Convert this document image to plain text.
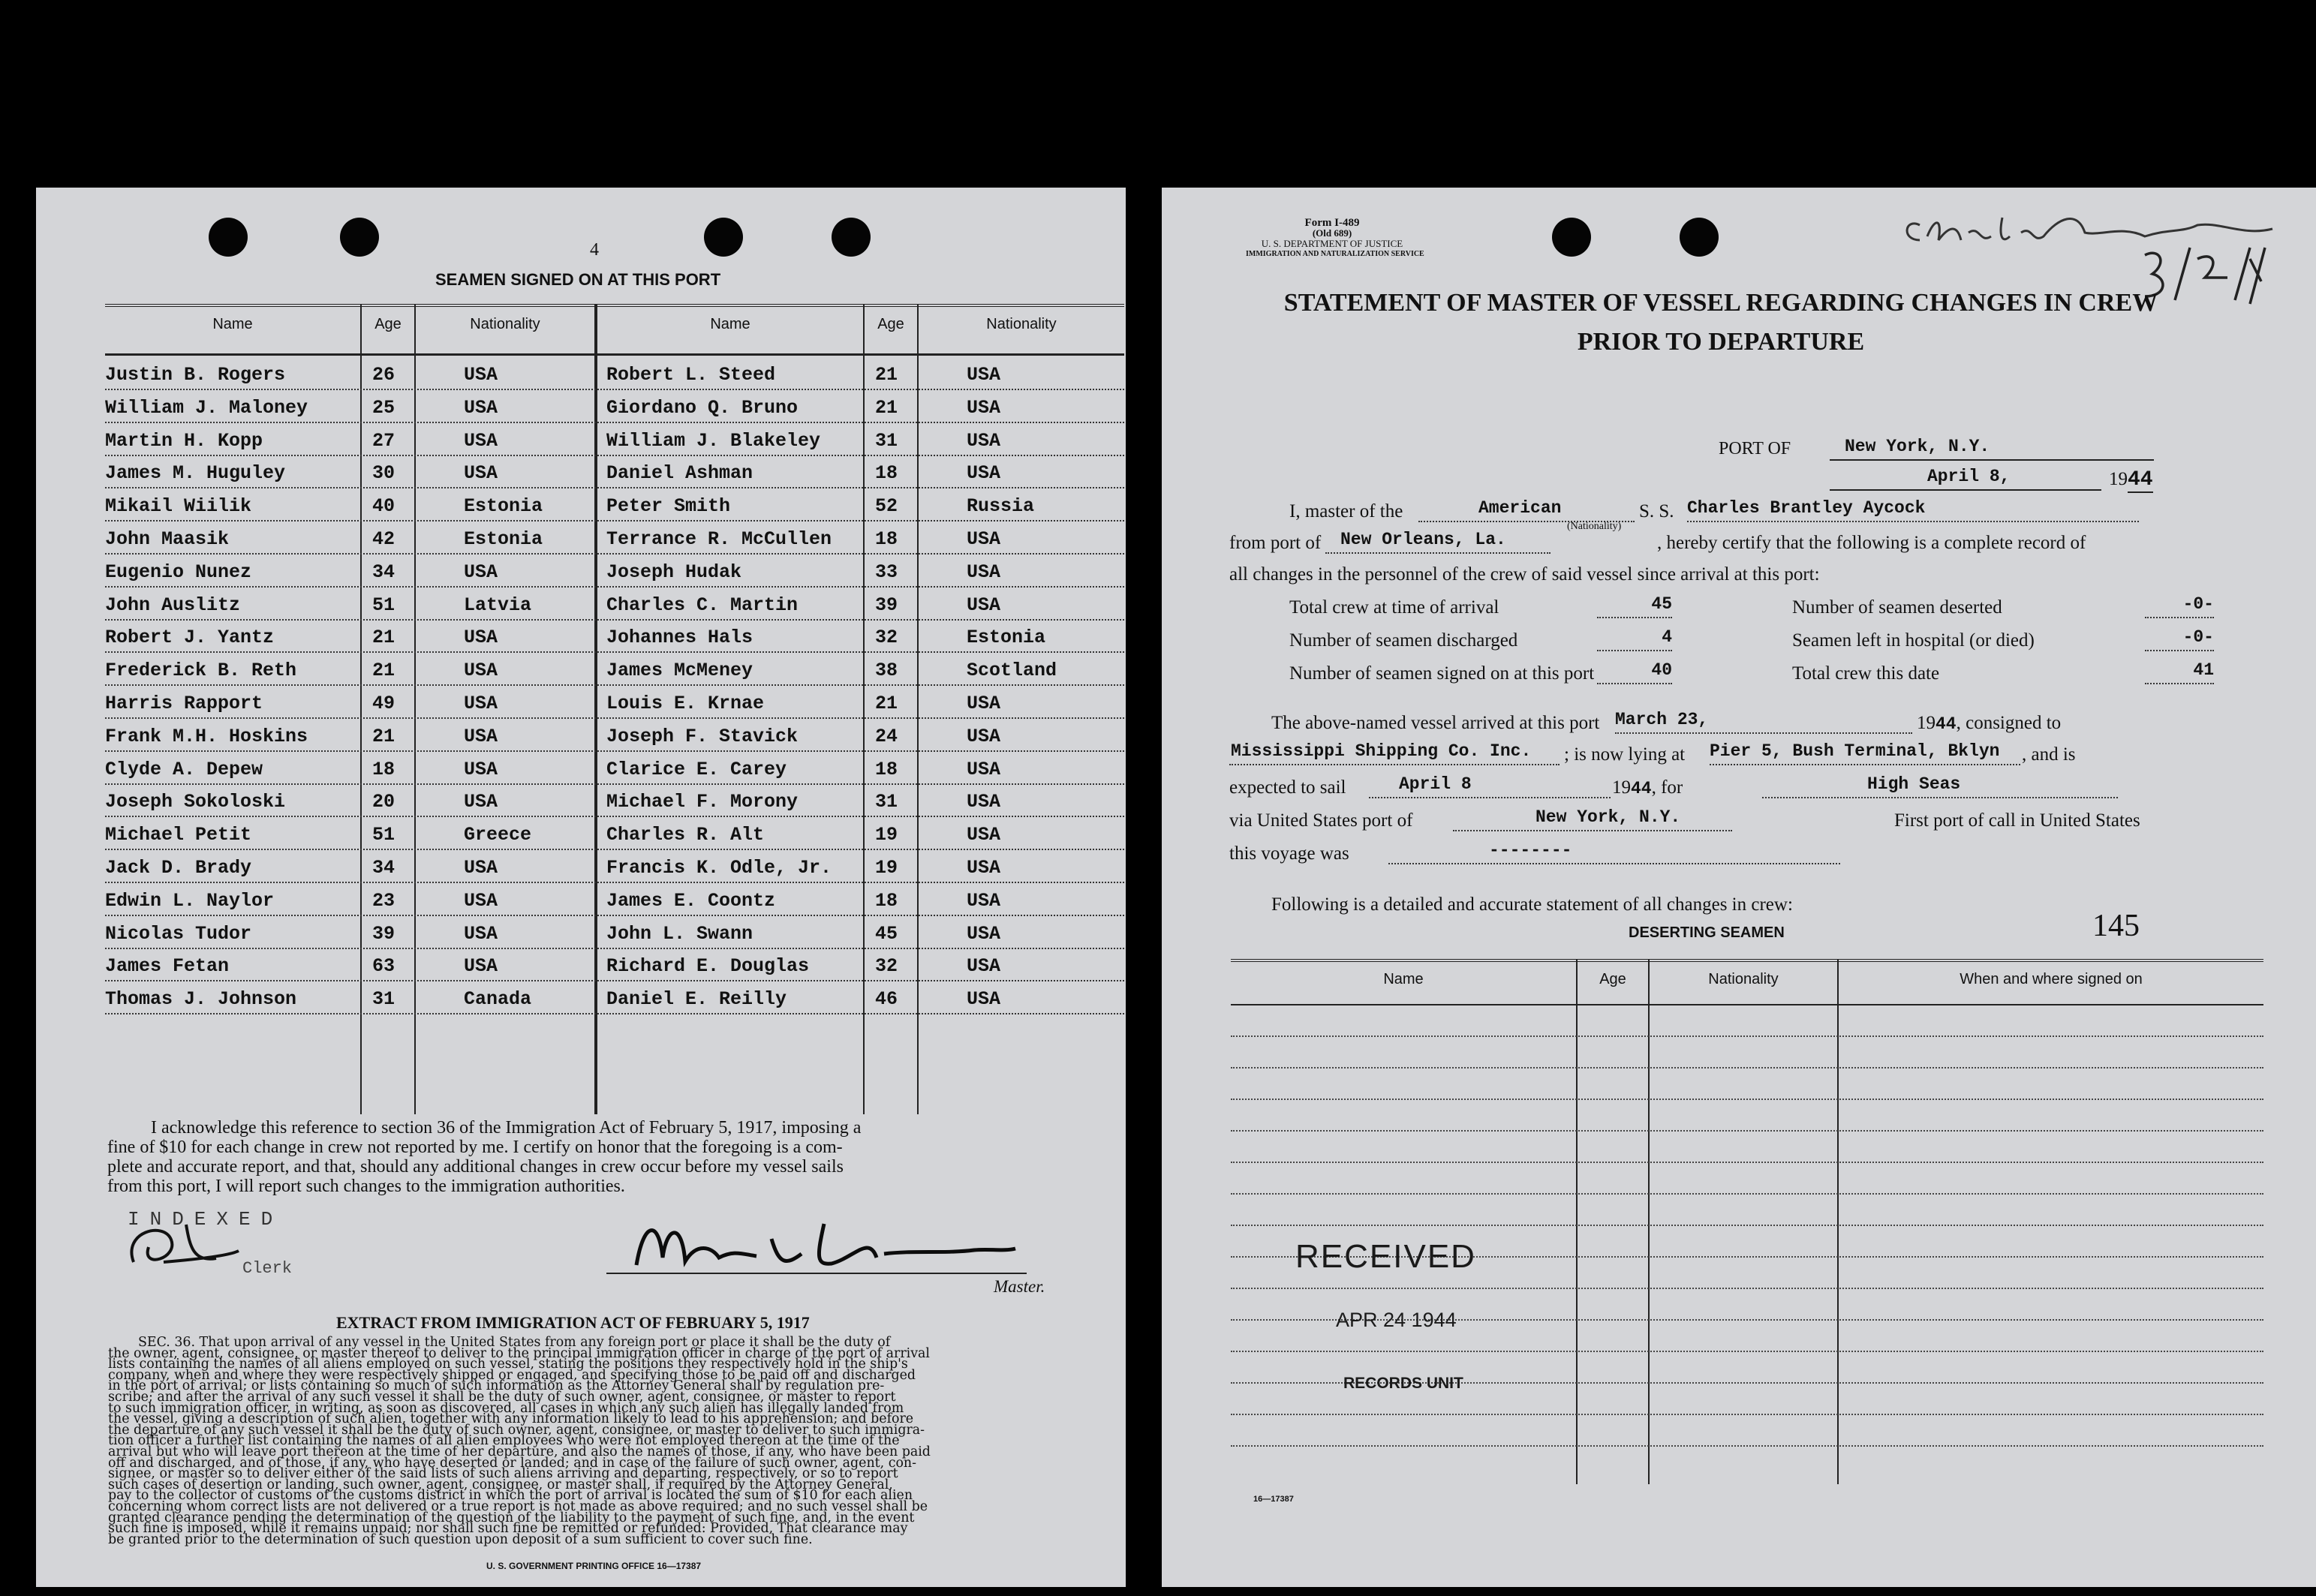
4
SEAMEN SIGNED ON AT THIS PORT
Name	Age	Nationality	Name	Age	Nationality
Justin B. Rogers	26	USA	Robert L. Steed	21	USA
William J. Maloney	25	USA	Giordano Q. Bruno	21	USA
Martin H. Kopp	27	USA	William J. Blakeley	31	USA
James M. Huguley	30	USA	Daniel Ashman	18	USA
Mikail Wiilik	40	Estonia	Peter Smith	52	Russia
John Maasik	42	Estonia	Terrance R. McCullen 18	USA
Eugenio Nunez	34	USA	Joseph Hudak	33	USA
John Auslitz	51	Latvia	Charles C. Martin	39	USA
Robert J. Yantz	21	USA	Johannes Hals	32	Estonia
Frederick B. Reth	21	USA	James McMeney	38	Scotland
Harris Rapport	49	USA	Louis E. Krnae	21	USA
Frank M.H. Hoskins	21	USA	Joseph F. Stavick	24	USA
Clyde A. Depew	18	USA	Clarice E. Carey	18	USA
Joseph Sokoloski	20	USA	Michael F. Morony	31	USA
Michael Petit	51	Greece	Charles R. Alt	19	USA
Jack D. Brady	34	USA	Francis K. Odle, Jr. 19	USA
Edwin L. Naylor	23	USA	James E. Coontz	18	USA
Nicolas Tudor	39	USA	John L. Swann	45	USA
James Fetan	63	USA	Richard E. Douglas	32	USA
Thomas J. Johnson	31	Canada	Daniel E. Reilly	46	USA
I acknowledge this reference to section 36 of the Immigration Act of February 5, 1917, imposing a
fine of $10 for each change in crew not reported by me. I certify on honor that the foregoing is a com-
plete and accurate report, and that, should any additional changes in crew occur before my vessel sails
from this port, I will report such changes to the immigration authorities.
INDEXED
Clerk
Master.
EXTRACT FROM IMMIGRATION ACT OF FEBRUARY 5, 1917
SEC. 36. That upon arrival of any vessel in the United States from any foreign port or place it shall be the duty of
the owner, agent, consignee, or master thereof to deliver to the principal immigration officer in charge of the port of arrival
lists containing the names of all aliens employed on such vessel, stating the positions they respectively hold in the ship's
company, when and where they were respectively shipped or engaged, and specifying those to be paid off and discharged
in the port of arrival; or lists containing so much of such information as the Attorney General shall by regulation pre-
scribe; and after the arrival of any such vessel it shall be the duty of such owner, agent, consignee, or master to report
to such immigration officer, in writing, as soon as discovered, all cases in which any such alien has illegally landed from
the vessel, giving a description of such alien, together with any information likely to lead to his apprehension; and before
the departure of any such vessel it shall be the duty of such owner, agent, consignee, or master to deliver to such immigra-
tion officer a further list containing the names of all alien employees who were not employed thereon at the time of the
arrival but who will leave port thereon at the time of her departure, and also the names of those, if any, who have been paid
off and discharged, and of those, if any, who have deserted or landed; and in case of the failure of such owner, agent, con-
signee, or master so to deliver either of the said lists of such aliens arriving and departing, respectively, or so to report
such cases of desertion or landing, such owner, agent, consignee, or master shall, if required by the Attorney General,
pay to the collector of customs of the customs district in which the port of arrival is located the sum of $10 for each alien
concerning whom correct lists are not delivered or a true report is not made as above required; and no such vessel shall be
granted clearance pending the determination of the question of the liability to the payment of such fine, and, in the event
such fine is imposed, while it remains unpaid; nor shall such fine be remitted or refunded: Provided, That clearance may
be granted prior to the determination of such question upon deposit of a sum sufficient to cover such fine.
U. S. GOVERNMENT PRINTING OFFICE 16—17387
Form I-489
(Old 689)
U. S. DEPARTMENT OF JUSTICE
IMMIGRATION AND NATURALIZATION SERVICE
STATEMENT OF MASTER OF VESSEL REGARDING CHANGES IN CREW
PRIOR TO DEPARTURE
PORT OF	New York, N.Y.
April 8,	1944
I, master of the	American
(Nationality)
S. S. Charles Brantley Aycock
from port of New Orleans, La.	, hereby certify that the following is a complete record of
all changes in the personnel of the crew of said vessel since arrival at this port:
Total crew at time of arrival	45	Number of seamen deserted	-0-
Number of seamen discharged	4	Seamen left in hospital (or died)	-0-
Number of seamen signed on at this port	40	Total crew this date	41
The above-named vessel arrived at this port March 23,	1944, consigned to
Mississippi Shipping Co. Inc. ; is now lying at Pier 5, Bush Terminal, Bklyn , and is
expected to sail	April 8	1944, for	High Seas
via United States port of	New York, N.Y.	First port of call in United States
this voyage was	--------
Following is a detailed and accurate statement of all changes in crew:
DESERTING SEAMEN	145
Name	Age	Nationality	When and where signed on
RECEIVED
APR 24 1944
RECORDS UNIT
16—17387
